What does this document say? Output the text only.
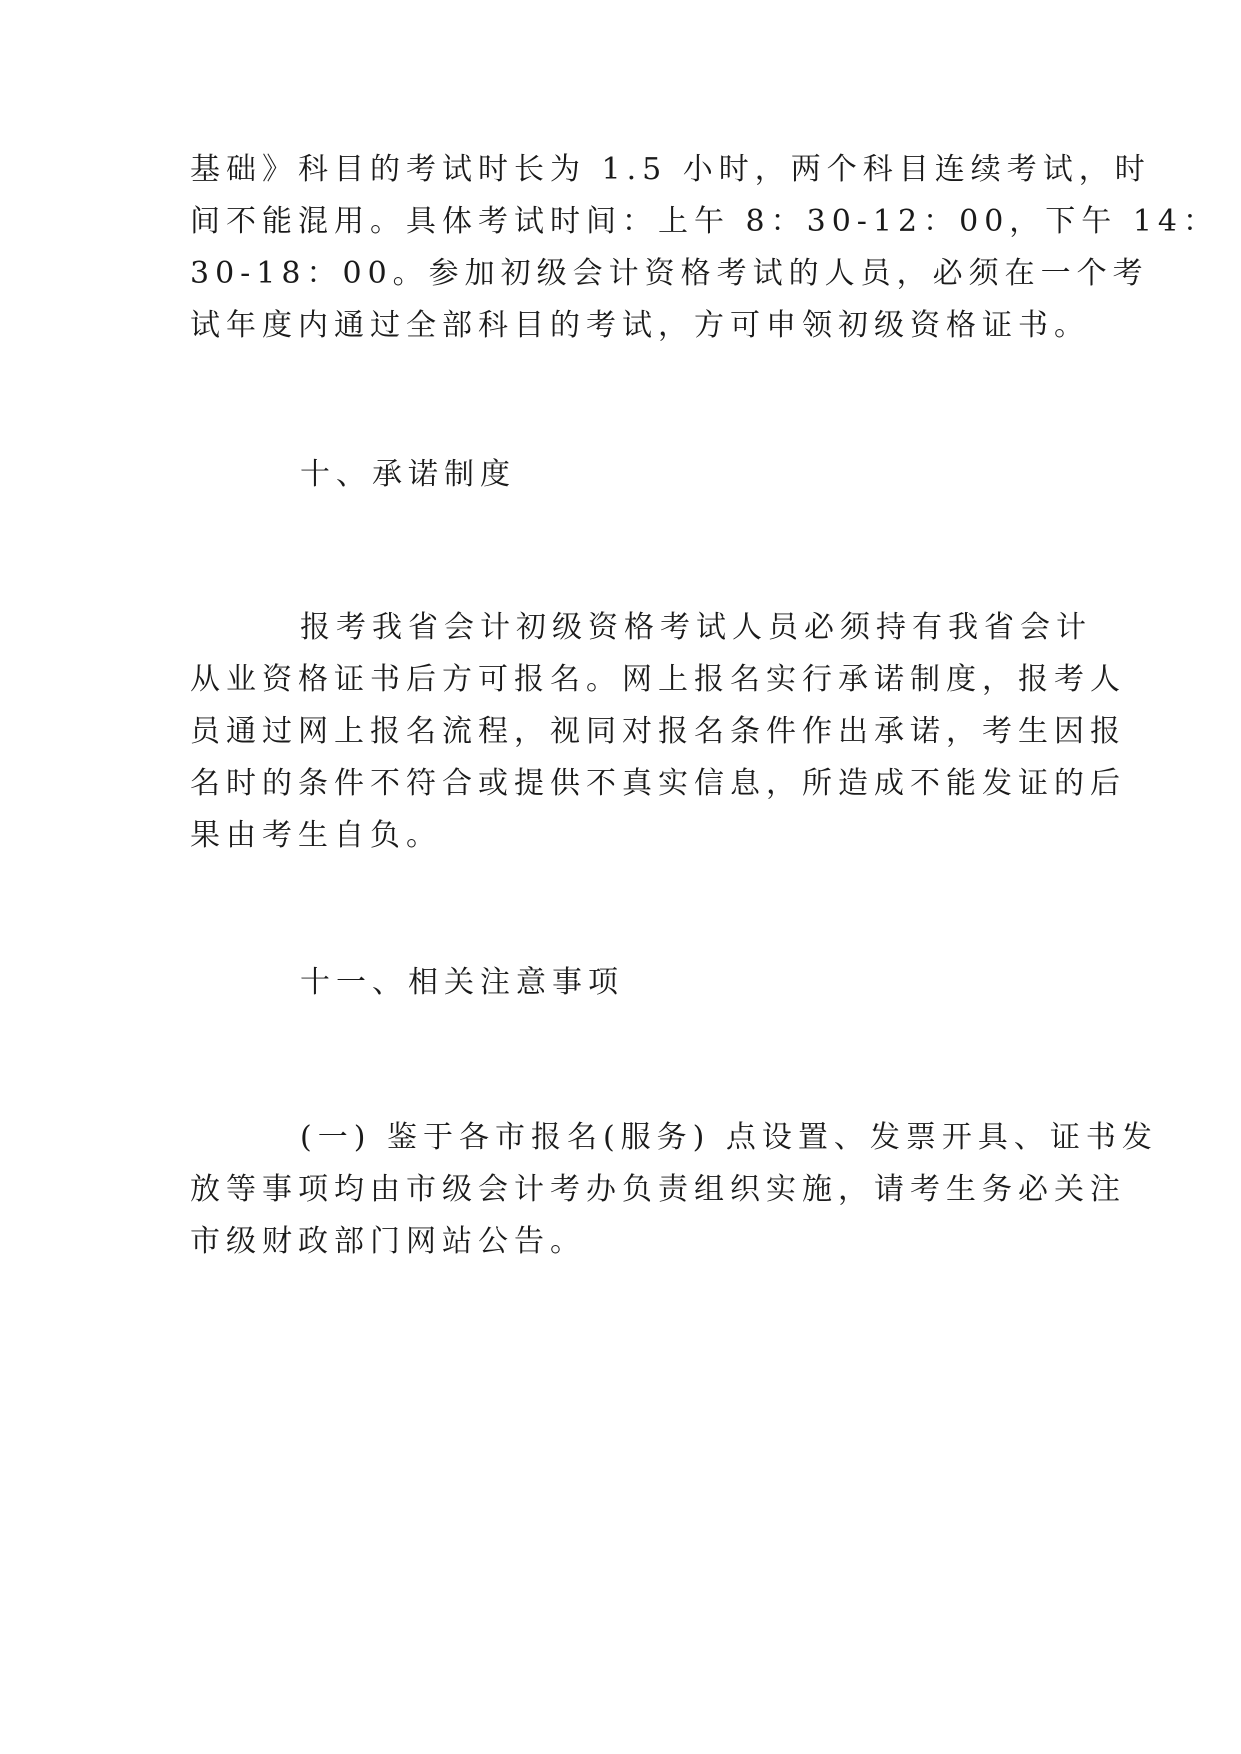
基础》科目的考试时长为 1.5 小时，两个科目连续考试，时
间不能混用。具体考试时间：上午 8：30-12：00，下午 14：
30-18：00。参加初级会计资格考试的人员，必须在一个考
试年度内通过全部科目的考试，方可申领初级资格证书。
十、承诺制度
报考我省会计初级资格考试人员必须持有我省会计
从业资格证书后方可报名。网上报名实行承诺制度，报考人
员通过网上报名流程，视同对报名条件作出承诺，考生因报
名时的条件不符合或提供不真实信息，所造成不能发证的后
果由考生自负。
十一、相关注意事项
(一) 鉴于各市报名(服务) 点设置、发票开具、证书发
放等事项均由市级会计考办负责组织实施，请考生务必关注
市级财政部门网站公告。
